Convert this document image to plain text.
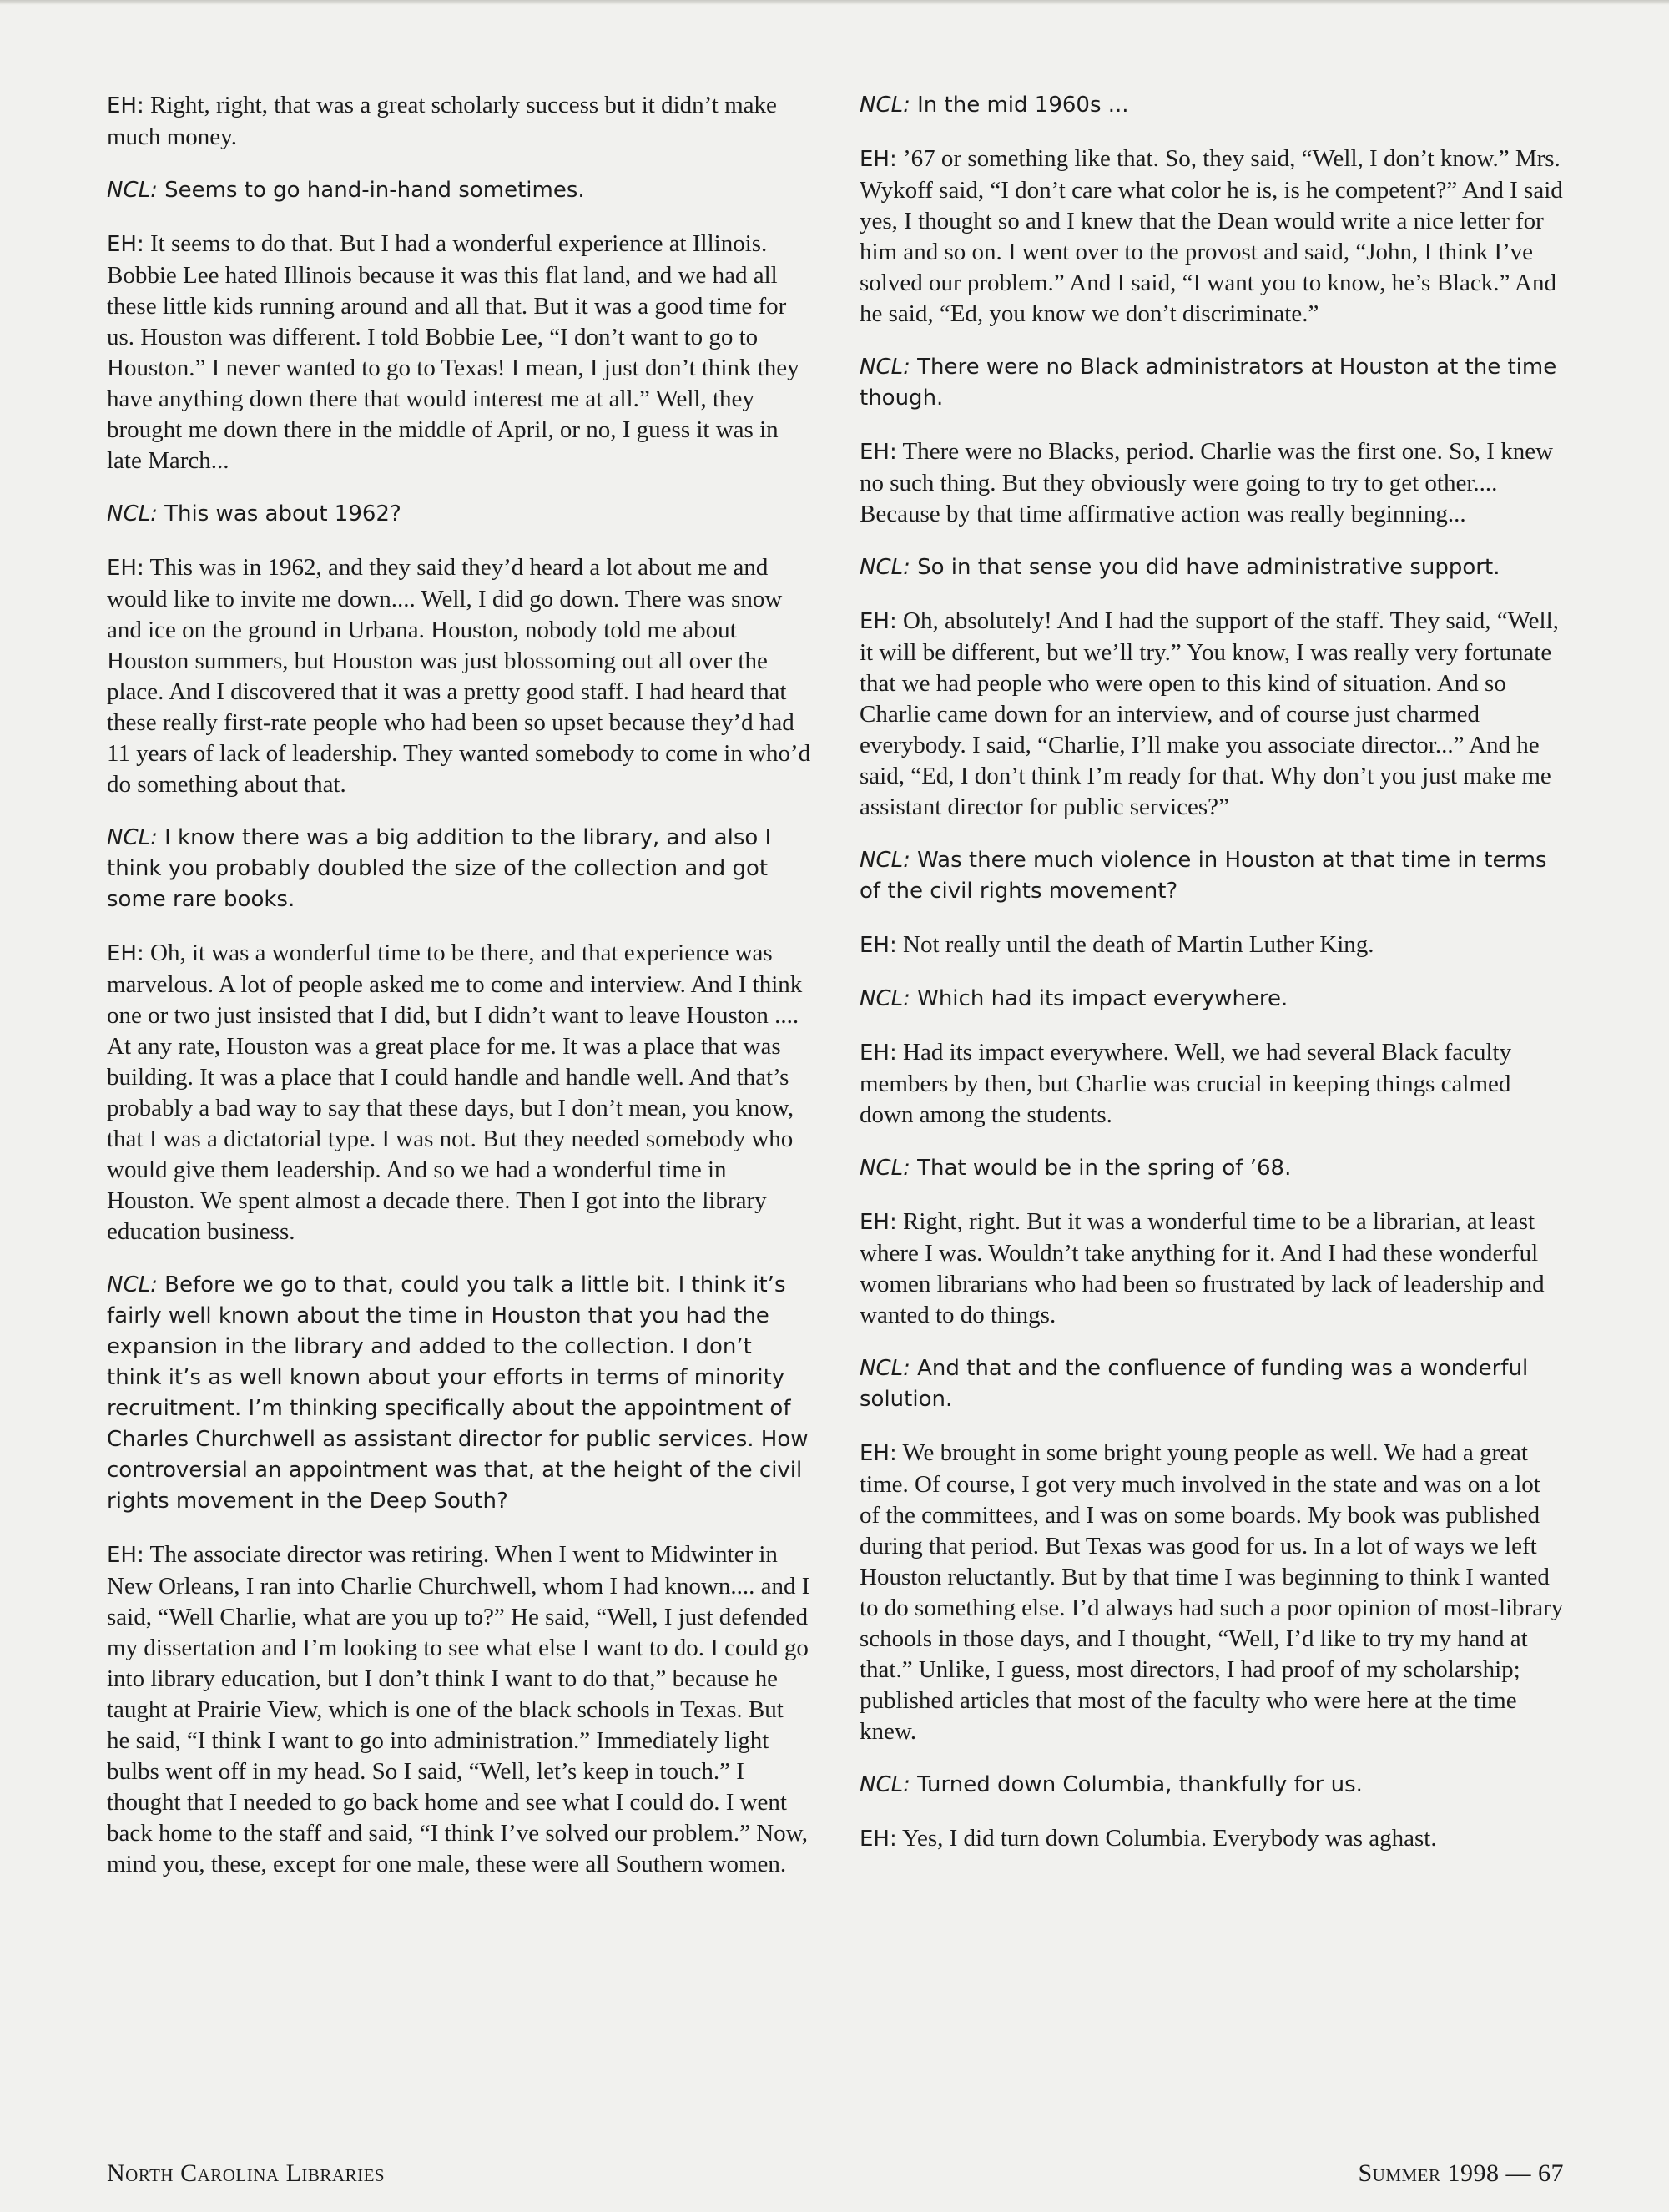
EH: Right, right, that was a great scholarly success but it didn’t make much money.

NCL: Seems to go hand-in-hand sometimes.

EH: It seems to do that. But I had a wonderful experience at Illinois. Bobbie Lee hated Illinois because it was this flat land, and we had all these little kids running around and all that. But it was a good time for us. Houston was different. I told Bobbie Lee, “I don’t want to go to Houston.” I never wanted to go to Texas! I mean, I just don’t think they have anything down there that would interest me at all.” Well, they brought me down there in the middle of April, or no, I guess it was in late March...

NCL: This was about 1962?

EH: This was in 1962, and they said they’d heard a lot about me and would like to invite me down.... Well, I did go down. There was snow and ice on the ground in Urbana. Houston, nobody told me about Houston summers, but Houston was just blossoming out all over the place. And I discovered that it was a pretty good staff. I had heard that these really first-rate people who had been so upset because they’d had 11 years of lack of leadership. They wanted somebody to come in who’d do something about that.

NCL: I know there was a big addition to the library, and also I think you probably doubled the size of the collection and got some rare books.

EH: Oh, it was a wonderful time to be there, and that experience was marvelous. A lot of people asked me to come and interview. And I think one or two just insisted that I did, but I didn’t want to leave Houston .... At any rate, Houston was a great place for me. It was a place that was building. It was a place that I could handle and handle well. And that’s probably a bad way to say that these days, but I don’t mean, you know, that I was a dictatorial type. I was not. But they needed somebody who would give them leadership. And so we had a wonderful time in Houston. We spent almost a decade there. Then I got into the library education business.

NCL: Before we go to that, could you talk a little bit. I think it’s fairly well known about the time in Houston that you had the expansion in the library and added to the collection. I don’t think it’s as well known about your efforts in terms of minority recruitment. I’m thinking specifically about the appointment of Charles Churchwell as assistant director for public services. How controversial an appointment was that, at the height of the civil rights movement in the Deep South?

EH: The associate director was retiring. When I went to Midwinter in New Orleans, I ran into Charlie Churchwell, whom I had known.... and I said, “Well Charlie, what are you up to?” He said, “Well, I just defended my dissertation and I’m looking to see what else I want to do. I could go into library education, but I don’t think I want to do that,” because he taught at Prairie View, which is one of the black schools in Texas. But he said, “I think I want to go into administration.” Immediately light bulbs went off in my head. So I said, “Well, let’s keep in touch.” I thought that I needed to go back home and see what I could do. I went back home to the staff and said, “I think I’ve solved our problem.” Now, mind you, these, except for one male, these were all Southern women.

NCL: In the mid 1960s ...

EH: ’67 or something like that. So, they said, “Well, I don’t know.” Mrs. Wykoff said, “I don’t care what color he is, is he competent?” And I said yes, I thought so and I knew that the Dean would write a nice letter for him and so on. I went over to the provost and said, “John, I think I’ve solved our problem.” And I said, “I want you to know, he’s Black.” And he said, “Ed, you know we don’t discriminate.”

NCL: There were no Black administrators at Houston at the time though.

EH: There were no Blacks, period. Charlie was the first one. So, I knew no such thing. But they obviously were going to try to get other.... Because by that time affirmative action was really beginning...

NCL: So in that sense you did have administrative support.

EH: Oh, absolutely! And I had the support of the staff. They said, “Well, it will be different, but we’ll try.” You know, I was really very fortunate that we had people who were open to this kind of situation. And so Charlie came down for an interview, and of course just charmed everybody. I said, “Charlie, I’ll make you associate director...” And he said, “Ed, I don’t think I’m ready for that. Why don’t you just make me assistant director for public services?”

NCL: Was there much violence in Houston at that time in terms of the civil rights movement?

EH: Not really until the death of Martin Luther King.

NCL: Which had its impact everywhere.

EH: Had its impact everywhere. Well, we had several Black faculty members by then, but Charlie was crucial in keeping things calmed down among the students.

NCL: That would be in the spring of ’68.

EH: Right, right. But it was a wonderful time to be a librarian, at least where I was. Wouldn’t take anything for it. And I had these wonderful women librarians who had been so frustrated by lack of leadership and wanted to do things.

NCL: And that and the confluence of funding was a wonderful solution.

EH: We brought in some bright young people as well. We had a great time. Of course, I got very much involved in the state and was on a lot of the committees, and I was on some boards. My book was published during that period. But Texas was good for us. In a lot of ways we left Houston reluctantly. But by that time I was beginning to think I wanted to do something else. I’d always had such a poor opinion of most-library schools in those days, and I thought, “Well, I’d like to try my hand at that.” Unlike, I guess, most directors, I had proof of my scholarship; published articles that most of the faculty who were here at the time knew.

NCL: Turned down Columbia, thankfully for us.

EH: Yes, I did turn down Columbia. Everybody was aghast.

North Carolina Libraries	Summer 1998 — 67
